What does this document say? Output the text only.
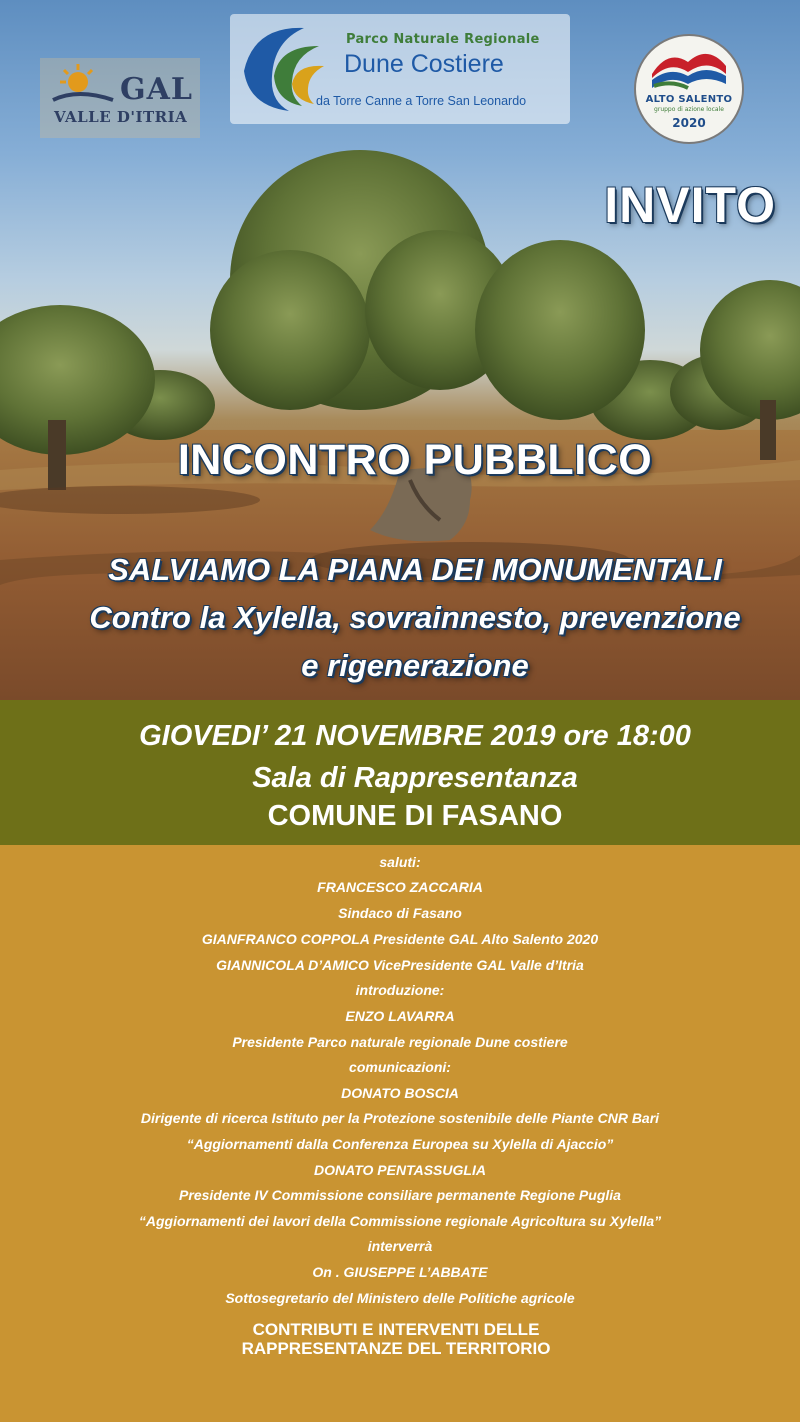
GAL
VALLE D'ITRIA
Parco Naturale Regionale
Dune Costiere
da Torre Canne a Torre San Leonardo	ALTO SALENTO
gruppo di azione locale
2020
INVITO
INCONTRO PUBBLICO
SALVIAMO LA PIANA DEI MONUMENTALI
Contro la Xylella, sovrainnesto, prevenzione
e rigenerazione
GIOVEDI’ 21 NOVEMBRE 2019 ore 18:00
Sala di Rappresentanza
COMUNE DI FASANO
saluti:
FRANCESCO ZACCARIA
Sindaco di Fasano
GIANFRANCO COPPOLA Presidente GAL Alto Salento 2020
GIANNICOLA D’AMICO VicePresidente GAL Valle d’Itria
introduzione:
ENZO LAVARRA
Presidente Parco naturale regionale Dune costiere
comunicazioni:
DONATO BOSCIA
Dirigente di ricerca Istituto per la Protezione sostenibile delle Piante CNR Bari
“Aggiornamenti dalla Conferenza Europea su Xylella di Ajaccio”
DONATO PENTASSUGLIA
Presidente IV Commissione consiliare permanente Regione Puglia
“Aggiornamenti dei lavori della Commissione regionale Agricoltura su Xylella”
interverrà
On . GIUSEPPE L’ABBATE
Sottosegretario del Ministero delle Politiche agricole
CONTRIBUTI E INTERVENTI DELLE
RAPPRESENTANZE DEL TERRITORIO
